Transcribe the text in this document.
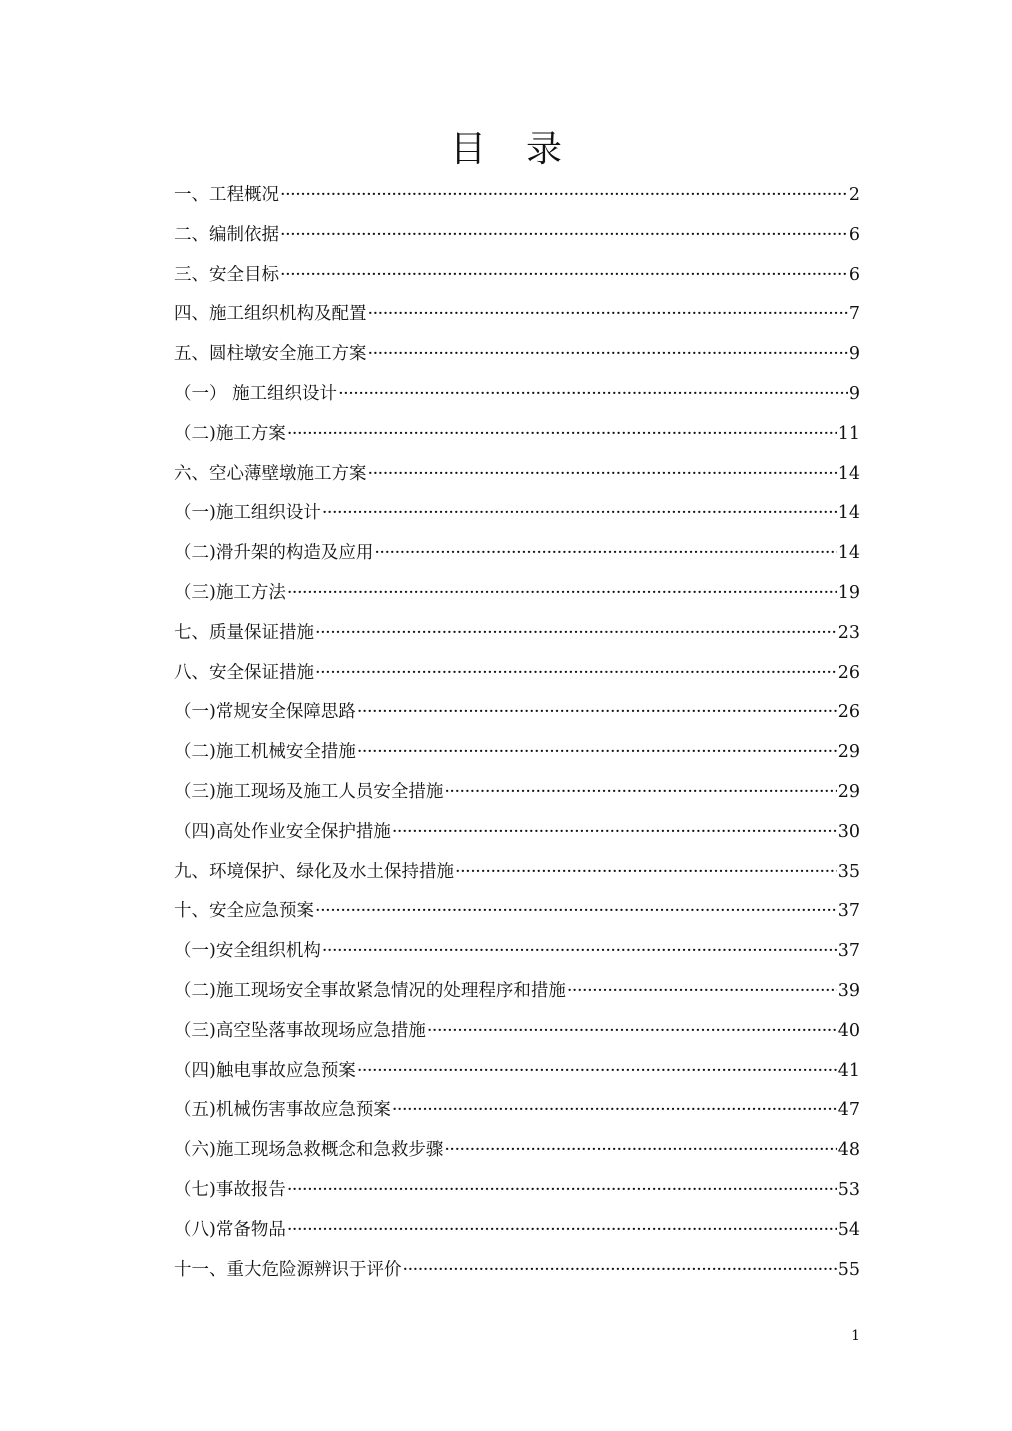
目 录
一、工程概况 ·····	2
二、编制依据 ·····	6
三、安全目标 ·····	6
四、施工组织机构及配置 ·····	7
五、圆柱墩安全施工方案 ·····	9
（一） 施工组织设计 ·····	9
（二)施工方案 ·····	11
六、空心薄壁墩施工方案 ·····	14
（一)施工组织设计 ·····	14
（二)滑升架的构造及应用 ·····	14
（三)施工方法 ·····	19
七、质量保证措施 ·····	23
八、安全保证措施 ·····	26
（一)常规安全保障思路 ·····	26
（二)施工机械安全措施 ·····	29
（三)施工现场及施工人员安全措施 ·····	29
（四)高处作业安全保护措施 ·····	30
九、环境保护、绿化及水土保持措施 ·····	35
十、安全应急预案 ·····	37
（一)安全组织机构 ·····	37
（二)施工现场安全事故紧急情况的处理程序和措施 ·····	39
（三)高空坠落事故现场应急措施 ·····	40
（四)触电事故应急预案 ·····	41
（五)机械伤害事故应急预案 ·····	47
（六)施工现场急救概念和急救步骤 ·····	48
（七)事故报告 ·····	53
（八)常备物品 ·····	54
十一、重大危险源辨识于评价 ·····	55
1
